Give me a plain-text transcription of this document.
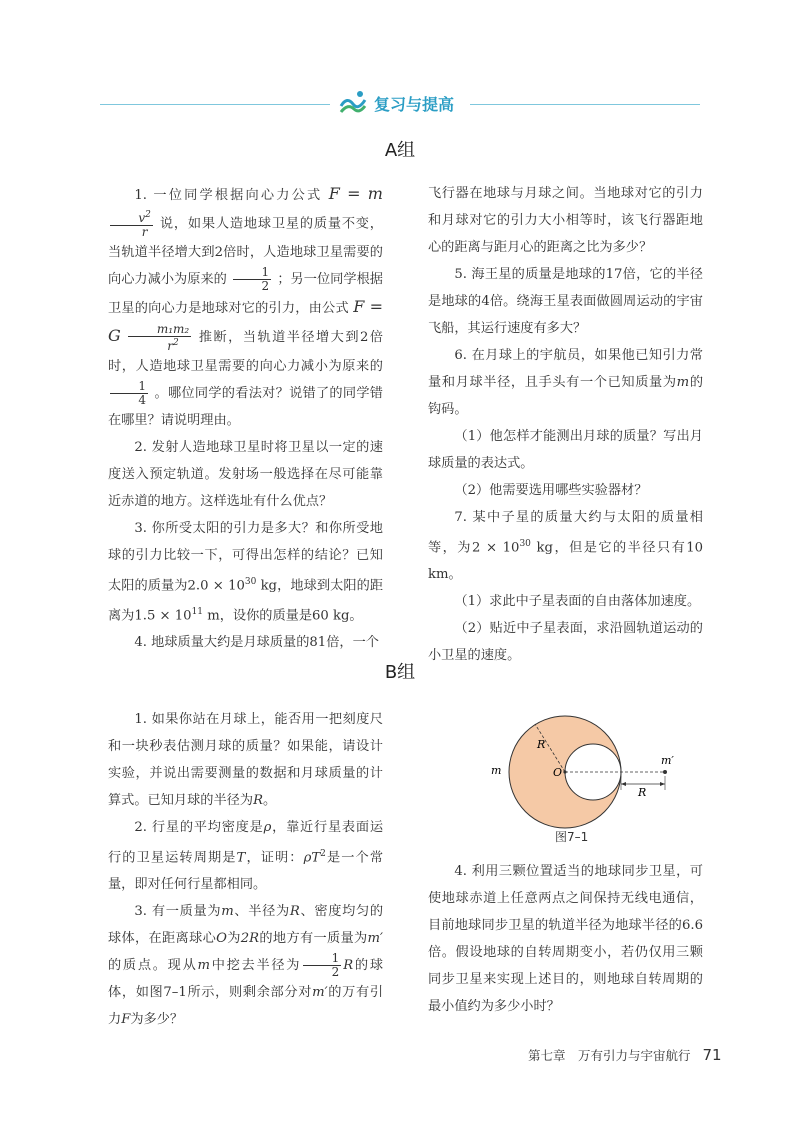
复习与提高
A组

1. 一位同学根据向心力公式 F = m
$\frac{v^2}{r}$ 说，如果人造地球卫星的质量不变，当轨道半径增大到2倍时，人造地球卫星需要的向心力减小为原来的 $\frac{1}{2}$ ；另一位同学根据卫星的向心力是地球对它的引力，由公式 F = G $\frac{\text{m₁m₂}}{r^2}$ 推断，当轨道半径增大到2倍时，人造地球卫星需要的向心力减小为原来的
$\frac{1}{4}$ 。哪位同学的看法对？说错了的同学错在哪里？请说明理由。

2. 发射人造地球卫星时将卫星以一定的速度送入预定轨道。发射场一般选择在尽可能靠近赤道的地方。这样选址有什么优点？

3. 你所受太阳的引力是多大？和你所受地球的引力比较一下，可得出怎样的结论？已知太阳的质量为$2.0 \times 10^{30}$ kg，地球到太阳的距离为$1.5 \times 10^{11}$ m，设你的质量是60 kg。

4. 地球质量大约是月球质量的81倍，一个

飞行器在地球与月球之间。当地球对它的引力和月球对它的引力大小相等时，该飞行器距地心的距离与距月心的距离之比为多少？

5. 海王星的质量是地球的17倍，它的半径是地球的4倍。绕海王星表面做圆周运动的宇宙飞船，其运行速度有多大？

6. 在月球上的宇航员，如果他已知引力常量和月球半径，且手头有一个已知质量为m的钩码。

（1）他怎样才能测出月球的质量？写出月球质量的表达式。

（2）他需要选用哪些实验器材？

7. 某中子星的质量大约与太阳的质量相等，为$2 \times 10^{30}$ kg，但是它的半径只有10 km。

（1）求此中子星表面的自由落体加速度。

（2）贴近中子星表面，求沿圆轨道运动的小卫星的速度。

B组

1. 如果你站在月球上，能否用一把刻度尺和一块秒表估测月球的质量？如果能，请设计实验，并说出需要测量的数据和月球质量的计算式。已知月球的半径为R。

2. 行星的平均密度是ρ，靠近行星表面运行的卫星运转周期是T，证明：$\rho T^2$是一个常量，即对任何行星都相同。

3. 有一质量为m、半径为R、密度均匀的球体，在距离球心O为2R的地方有一质量为m′的质点。现从m中挖去半径为 $\frac{1}{2}$ R的球体，如图7–1所示，则剩余部分对m′的万有引力F为多少？

m
R
O
m′
R
图7–1

4. 利用三颗位置适当的地球同步卫星，可使地球赤道上任意两点之间保持无线电通信，目前地球同步卫星的轨道半径为地球半径的6.6倍。假设地球的自转周期变小，若仍仅用三颗同步卫星来实现上述目的，则地球自转周期的最小值约为多少小时？

第七章　万有引力与宇宙航行 71
